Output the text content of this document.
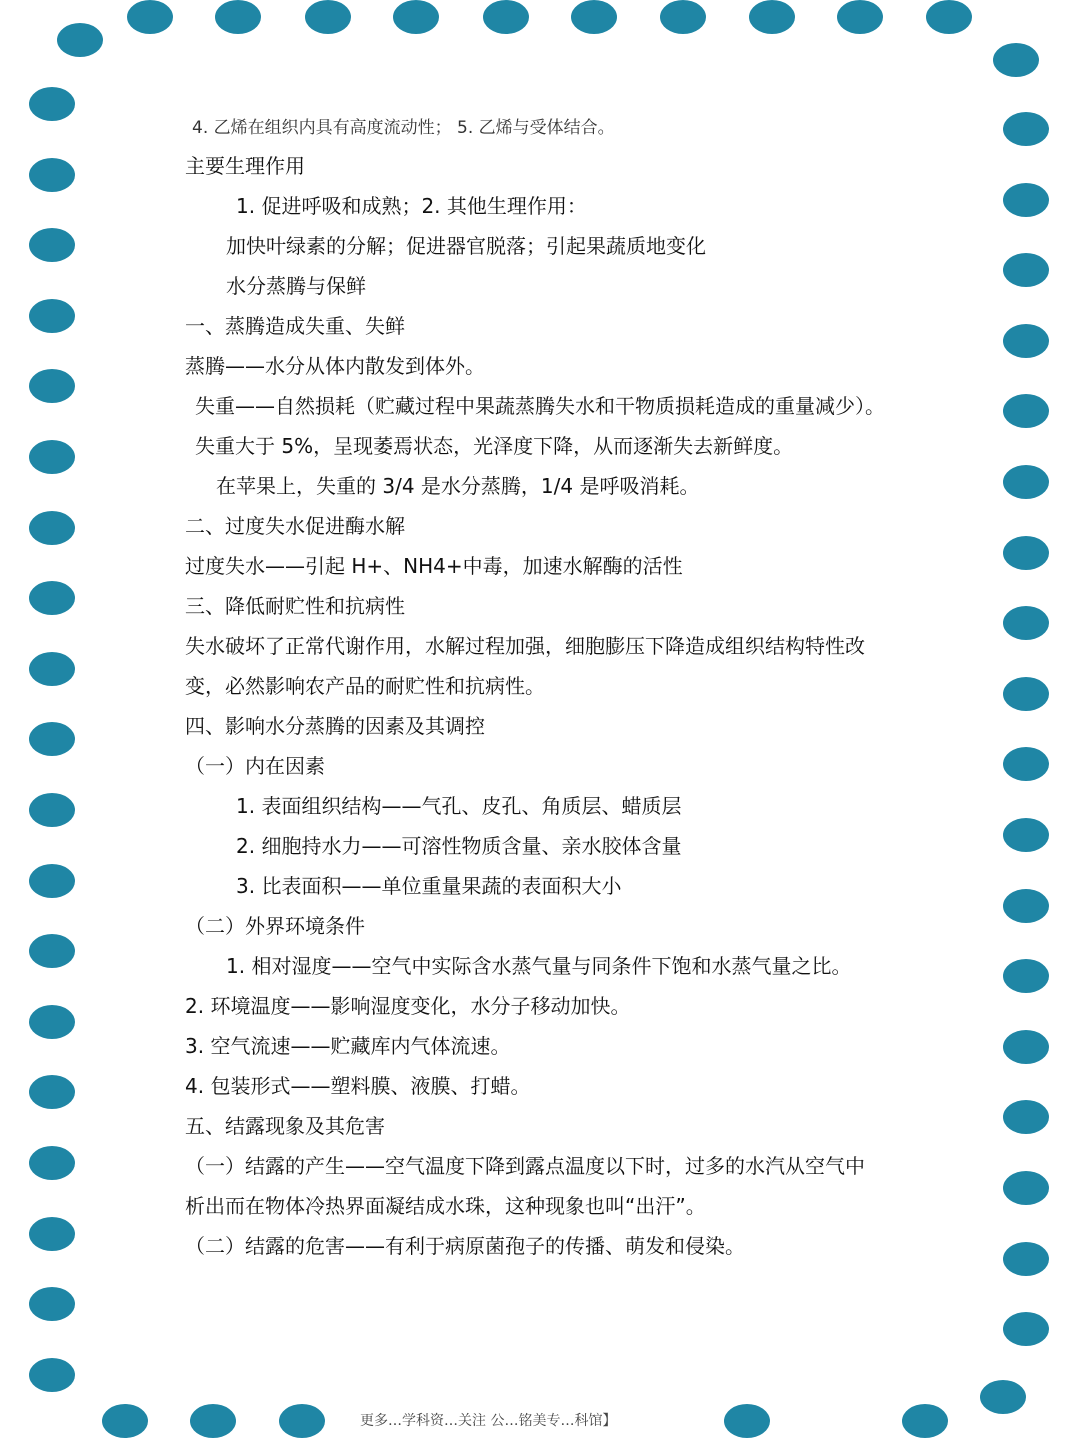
4. 乙烯在组织内具有高度流动性； 5. 乙烯与受体结合。
主要生理作用
1. 促进呼吸和成熟；2. 其他生理作用：
加快叶绿素的分解；促进器官脱落；引起果蔬质地变化
水分蒸腾与保鲜
一、蒸腾造成失重、失鲜
蒸腾——水分从体内散发到体外。
失重——自然损耗（贮藏过程中果蔬蒸腾失水和干物质损耗造成的重量减少）。
失重大于 5%，呈现萎焉状态，光泽度下降，从而逐渐失去新鲜度。
在苹果上，失重的 3/4 是水分蒸腾，1/4 是呼吸消耗。
二、过度失水促进酶水解
过度失水——引起 H+、NH4+中毒，加速水解酶的活性
三、降低耐贮性和抗病性
失水破坏了正常代谢作用，水解过程加强，细胞膨压下降造成组织结构特性改
变，必然影响农产品的耐贮性和抗病性。
四、影响水分蒸腾的因素及其调控
（一）内在因素
1. 表面组织结构——气孔、皮孔、角质层、蜡质层
2. 细胞持水力——可溶性物质含量、亲水胶体含量
3. 比表面积——单位重量果蔬的表面积大小
（二）外界环境条件
1. 相对湿度——空气中实际含水蒸气量与同条件下饱和水蒸气量之比。
2. 环境温度——影响湿度变化，水分子移动加快。
3. 空气流速——贮藏库内气体流速。
4. 包装形式——塑料膜、液膜、打蜡。
五、结露现象及其危害
（一）结露的产生——空气温度下降到露点温度以下时，过多的水汽从空气中
析出而在物体冷热界面凝结成水珠，这种现象也叫“出汗”。
（二）结露的危害——有利于病原菌孢子的传播、萌发和侵染。
更多…学科资…关注 公…铭美专…科馆】
